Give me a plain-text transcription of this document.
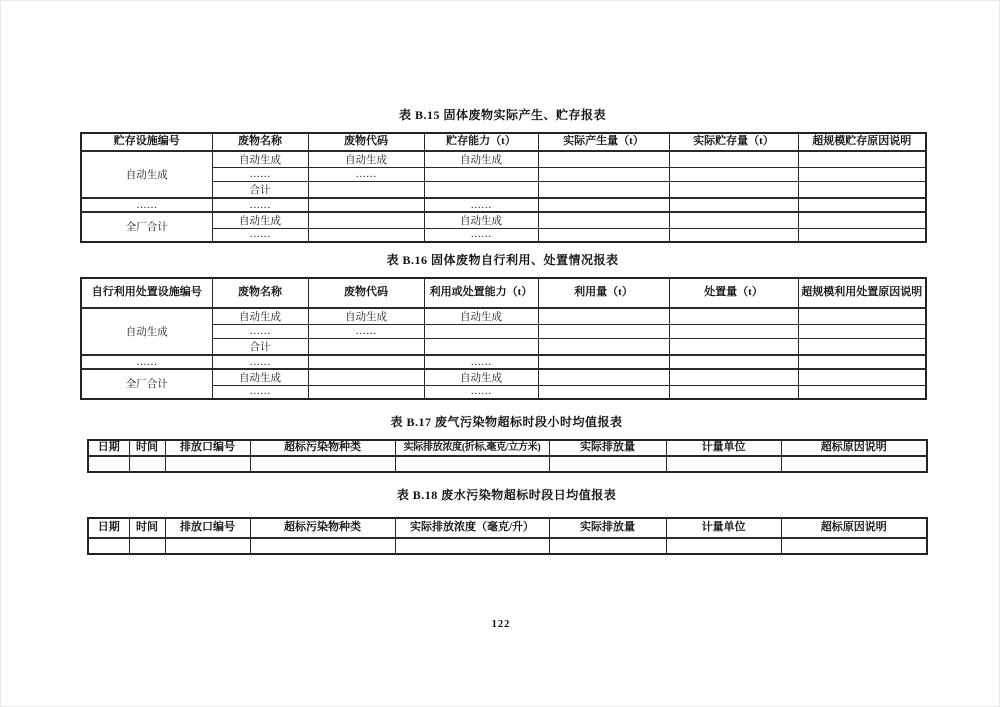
表 B.15 固体废物实际产生、贮存报表
贮存设施编号	废物名称	废物代码	贮存能力（t）	实际产生量（t）	实际贮存量（t）	超规模贮存原因说明
自动生成	自动生成	自动生成	自动生成			
	……	……				
	合计					
……	……		……			
全厂合计	自动生成		自动生成			
	……		……			
表 B.16 固体废物自行利用、处置情况报表
自行利用处置设施编号	废物名称	废物代码	利用或处置能力（t）	利用量（t）	处置量（t）	超规模利用处置原因说明
自动生成	自动生成	自动生成	自动生成			
	……	……				
	合计					
……	……		……			
全厂合计	自动生成		自动生成			
	……		……			
表 B.17 废气污染物超标时段小时均值报表
日期	时间	排放口编号	超标污染物种类	实际排放浓度(折标,毫克/立方米)	实际排放量	计量单位	超标原因说明

表 B.18 废水污染物超标时段日均值报表
日期	时间	排放口编号	超标污染物种类	实际排放浓度（毫克/升）	实际排放量	计量单位	超标原因说明

122
